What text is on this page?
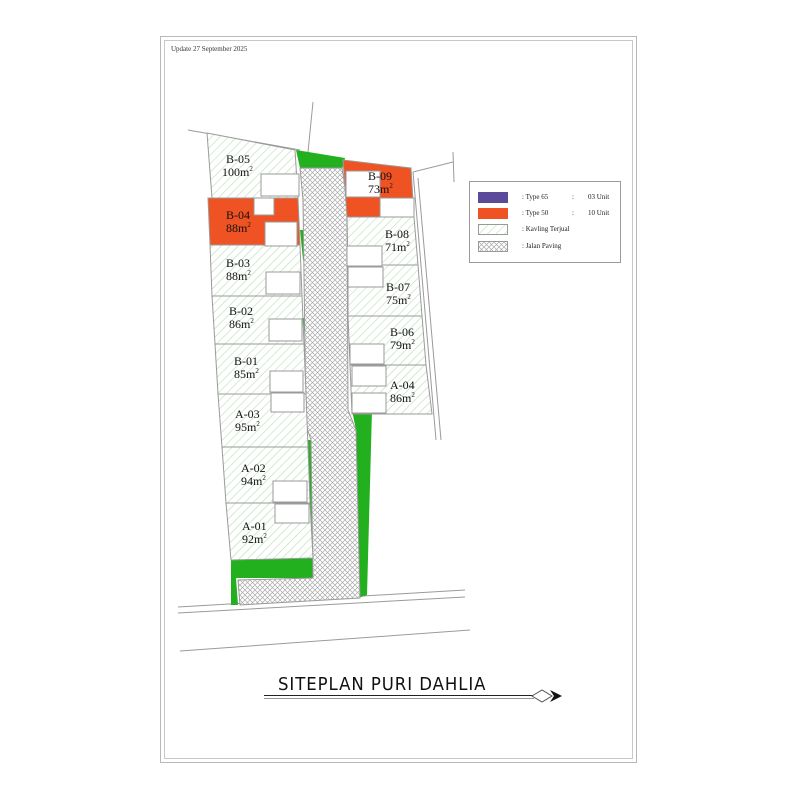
Update 27 September 2025
B-05
$100m^2$
B-04
$88m^2$
B-03
$88m^2$
B-02
$86m^2$
B-01
$85m^2$
A-03
$95m^2$
A-02
$94m^2$
A-01
$92m^2$
B-09
$73m^2$
B-08
$71m^2$
B-07
$75m^2$
B-06
$79m^2$
A-04
$86m^2$
: Type 65	:	03 Unit
: Type 50	:	10 Unit
: Kavling Terjual
: Jalan Paving
SITEPLAN PURI DAHLIA
